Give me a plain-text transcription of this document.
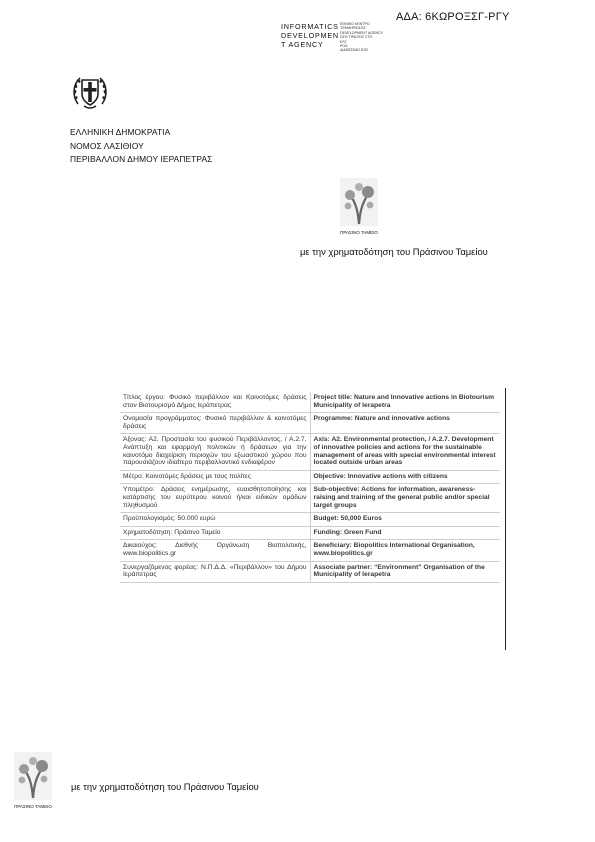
ΑΔΑ: 6ΚΩΡΟΞΣΓ-ΡΓΥ
INFORMATICS
DEVELOPMEN
T AGENCY
ΕΘΝΙΚΟ ΚΕΝΤΡΟ
ΤΕΚΜΗΡΙΩΣΗΣ
DEVELOPMENT AGENCY
ΩΣΗ ΤΙΡΑΞΕΙΣ ΣΤΟ
ΕΛΤ
ΡΟΑ
ΔΙΑΘΕΣΙΜΟ ΕΩΣ
ΕΛΛΗΝΙΚΗ ΔΗΜΟΚΡΑΤΙΑ
ΝΟΜΟΣ ΛΑΣΙΘΙΟΥ
ΠΕΡΙΒΑΛΛΟΝ ΔΗΜΟΥ ΙΕΡΑΠΕΤΡΑΣ
ΠΡΑΣΙΝΟ ΤΑΜΕΙΟ
με την χρηματοδότηση του Πράσινου Ταμείου
Τίτλος έργου: Φυσικό περιβάλλον και Καινοτόμες δράσεις στον Βιοτουρισμό Δήμος Ιεράπετρας	Project title: Nature and Innovative actions in Biotourism Municipality of Ierapetra
Ονομασία προγράμματος: Φυσικό περιβάλλον & καινοτόμες δράσεις	Programme: Nature and innovative actions
Άξονας: Α2. Προστασία του φυσικού Περιβάλλοντος, / Α.2.7. Ανάπτυξη και εφαρμογή πολιτικών ή δράσεων για την καινοτόμο διαχείριση περιοχών του εξωαστικού χώρου που παρουσιάζουν ιδιαίτερο περιβαλλοντικό ενδιαφέρον	Axis: A2. Environmental protection, / A.2.7. Development of innovative policies and actions for the sustainable management of areas with special environmental interest located outside urban areas
Μέτρο: Καινοτόμες δράσεις με τους πολίτες	Objective: Innovative actions with citizens
Υπομέτρο: Δράσεις ενημέρωσης, ευαισθητοποίησης και κατάρτισης του ευρύτερου κοινού ή/και ειδικών ομάδων πληθυσμού	Sub-objective: Actions for information, awareness-raising and training of the general public and/or special target groups
Προϋπολογισμός: 50.000 ευρώ	Budget: 50,000 Euros
Χρηματοδότηση: Πράσινο Ταμείο	Funding: Green Fund
Δικαιούχος: Διεθνής Οργάνωση Βιοπολιτικής, www.biopolitics.gr	Beneficiary: Biopolitics International Organisation, www.biopolitics.gr
Συνεργαζόμενος φορέας: Ν.Π.Δ.Δ. «Περιβάλλον» του Δήμου Ιεράπετρας	Associate partner: “Environment” Organisation of the Municipality of Ierapetra
ΠΡΑΣΙΝΟ ΤΑΜΕΙΟ
με την χρηματοδότηση του Πράσινου Ταμείου
